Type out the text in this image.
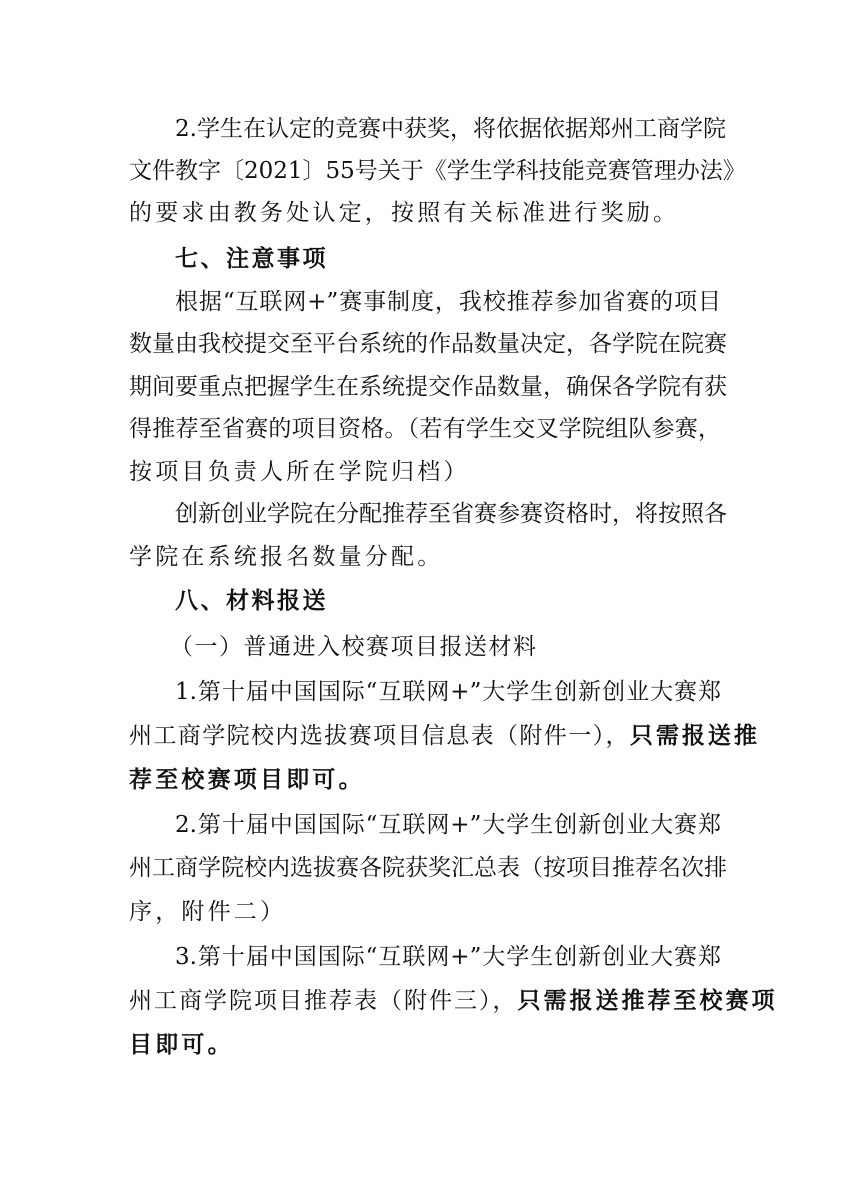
2.学生在认定的竞赛中获奖，将依据依据郑州工商学院
文件教字〔2021〕55号关于《学生学科技能竞赛管理办法》
的要求由教务处认定，按照有关标准进行奖励。
七、注意事项
根据“互联网+”赛事制度，我校推荐参加省赛的项目
数量由我校提交至平台系统的作品数量决定，各学院在院赛
期间要重点把握学生在系统提交作品数量，确保各学院有获
得推荐至省赛的项目资格。（若有学生交叉学院组队参赛，
按项目负责人所在学院归档）
创新创业学院在分配推荐至省赛参赛资格时，将按照各
学院在系统报名数量分配。
八、材料报送
（一）普通进入校赛项目报送材料
1.第十届中国国际“互联网+”大学生创新创业大赛郑
州工商学院校内选拔赛项目信息表（附件一）， 只需报送推
荐至校赛项目即可。
2.第十届中国国际“互联网+”大学生创新创业大赛郑
州工商学院校内选拔赛各院获奖汇总表（按项目推荐名次排
序，附件二）
3.第十届中国国际“互联网+”大学生创新创业大赛郑
州工商学院项目推荐表（附件三）， 只需报送推荐至校赛项
目即可。
